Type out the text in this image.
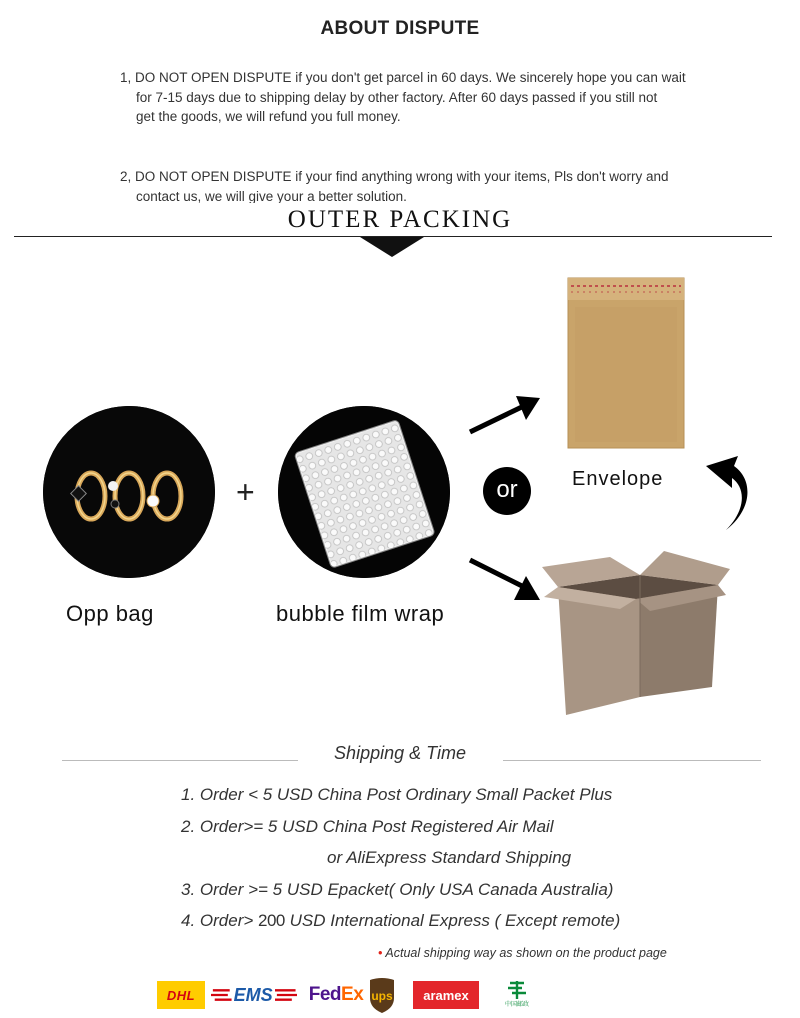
ABOUT DISPUTE
1, DO NOT OPEN DISPUTE if you don't get parcel in 60 days. We sincerely hope you can wait
for 7-15 days due to shipping delay by other factory. After 60 days passed if you still not
get the goods, we will refund you full money.
2, DO NOT OPEN DISPUTE if your find anything wrong with your items, Pls don't worry and
contact us, we will give your a better solution.
OUTER PACKING
Opp bag
+
bubble film wrap
or	Envelope
Shipping & Time
1. Order < 5 USD China Post Ordinary Small Packet Plus
2. Order>= 5 USD China Post Registered Air Mail
or AliExpress Standard Shipping
3. Order >= 5 USD Epacket( Only USA Canada Australia)
4. Order> 200 USD International Express ( Except remote)
• Actual shipping way as shown on the product page
DHL EMS Fed Ex ups aramex
中国邮政
